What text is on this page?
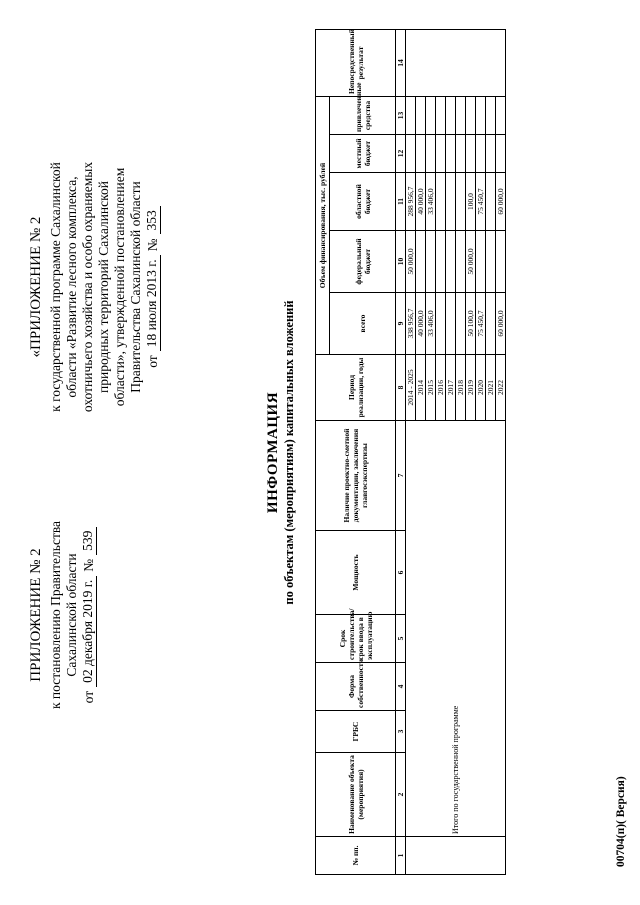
ПРИЛОЖЕНИЕ № 2 к постановлению Правительства Сахалинской области
от
02 декабря 2019 г.
№
539
«ПРИЛОЖЕНИЕ № 2 к государственной программе Сахалинской области «Развитие лесного комплекса, охотничьего хозяйства и особо охраняемых природных территорий Сахалинской области», утвержденной постановлением Правительства Сахалинской области от
18 июля 2013 г.
№
353
ИНФОРМАЦИЯ по объектам (мероприятиям) капитальных вложений
№ пп.	Наименование объекта (мероприятия)	ГРБС	Форма собственности	Срок строительства/срок ввода в эксплуатацию	Мощность	Наличие проектно-сметной документации, заключения главгосэкспертизы	Период реализации, годы	Объем финансирования, тыс. рублей					Непосредственный результат
								всего	федеральный бюджет	областной бюджет	местный бюджет	привлеченные средства	
1	2	3	4	5	6	7	8	9	10	11	12	13	14
	Итого по государственной программе						2014 - 2025	338 956,7	50 000,0	288 956,7			
							2014	40 000,0		40 000,0			
							2015	33 406,0		33 406,0			
							2016						
							2017						
							2018						
							2019	50 100,0	50 000,0	100,0			
							2020	75 450,7		75 450,7			
							2021						
							2022	60 000,0		60 000,0			
00704(п)( Версия)
